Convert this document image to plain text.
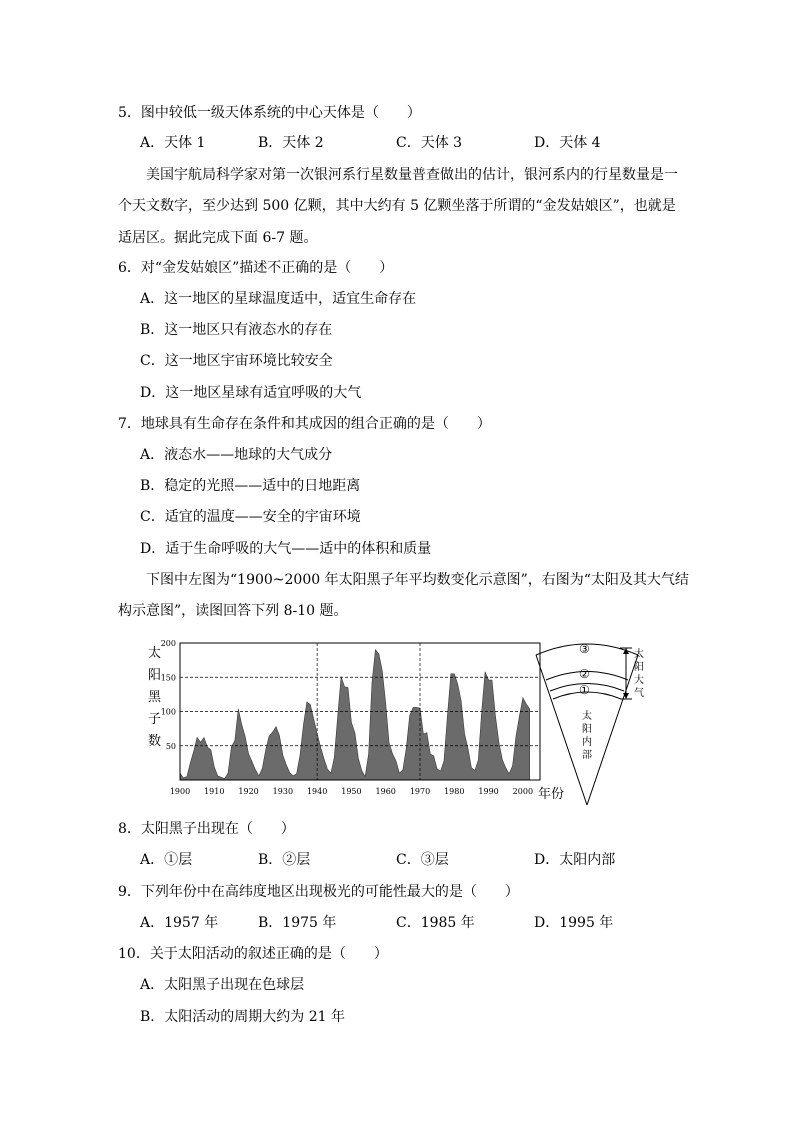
5．图中较低一级天体系统的中心天体是（　　）
A．天体 1	B．天体 2	C．天体 3	D．天体 4
美国宇航局科学家对第一次银河系行星数量普查做出的估计，银河系内的行星数量是一
个天文数字，至少达到 500 亿颗，其中大约有 5 亿颗坐落于所谓的“金发姑娘区”，也就是
适居区。据此完成下面 6-7 题。
6．对“金发姑娘区”描述不正确的是（　　）
A．这一地区的星球温度适中，适宜生命存在
B．这一地区只有液态水的存在
C．这一地区宇宙环境比较安全
D．这一地区星球有适宜呼吸的大气
7．地球具有生命存在条件和其成因的组合正确的是（　　）
A．液态水——地球的大气成分
B．稳定的光照——适中的日地距离
C．适宜的温度——安全的宇宙环境
D．适于生命呼吸的大气——适中的体积和质量
下图中左图为“1900~2000 年太阳黑子年平均数变化示意图”，右图为“太阳及其大气结
构示意图”，读图回答下列 8-10 题。
太阳黑子数
200
150
100
50
1900 1910 1920 1930 1940 1950 1960 1970 1980 1990 2000 年份
③
②
①
太
阳
大
气
太
阳
内
部
8．太阳黑子出现在（　　）
A．①层	B．②层	C．③层	D．太阳内部
9．下列年份中在高纬度地区出现极光的可能性最大的是（　　）
A．1957 年	B．1975 年	C．1985 年	D．1995 年
10．关于太阳活动的叙述正确的是（　　）
A．太阳黑子出现在色球层
B．太阳活动的周期大约为 21 年
